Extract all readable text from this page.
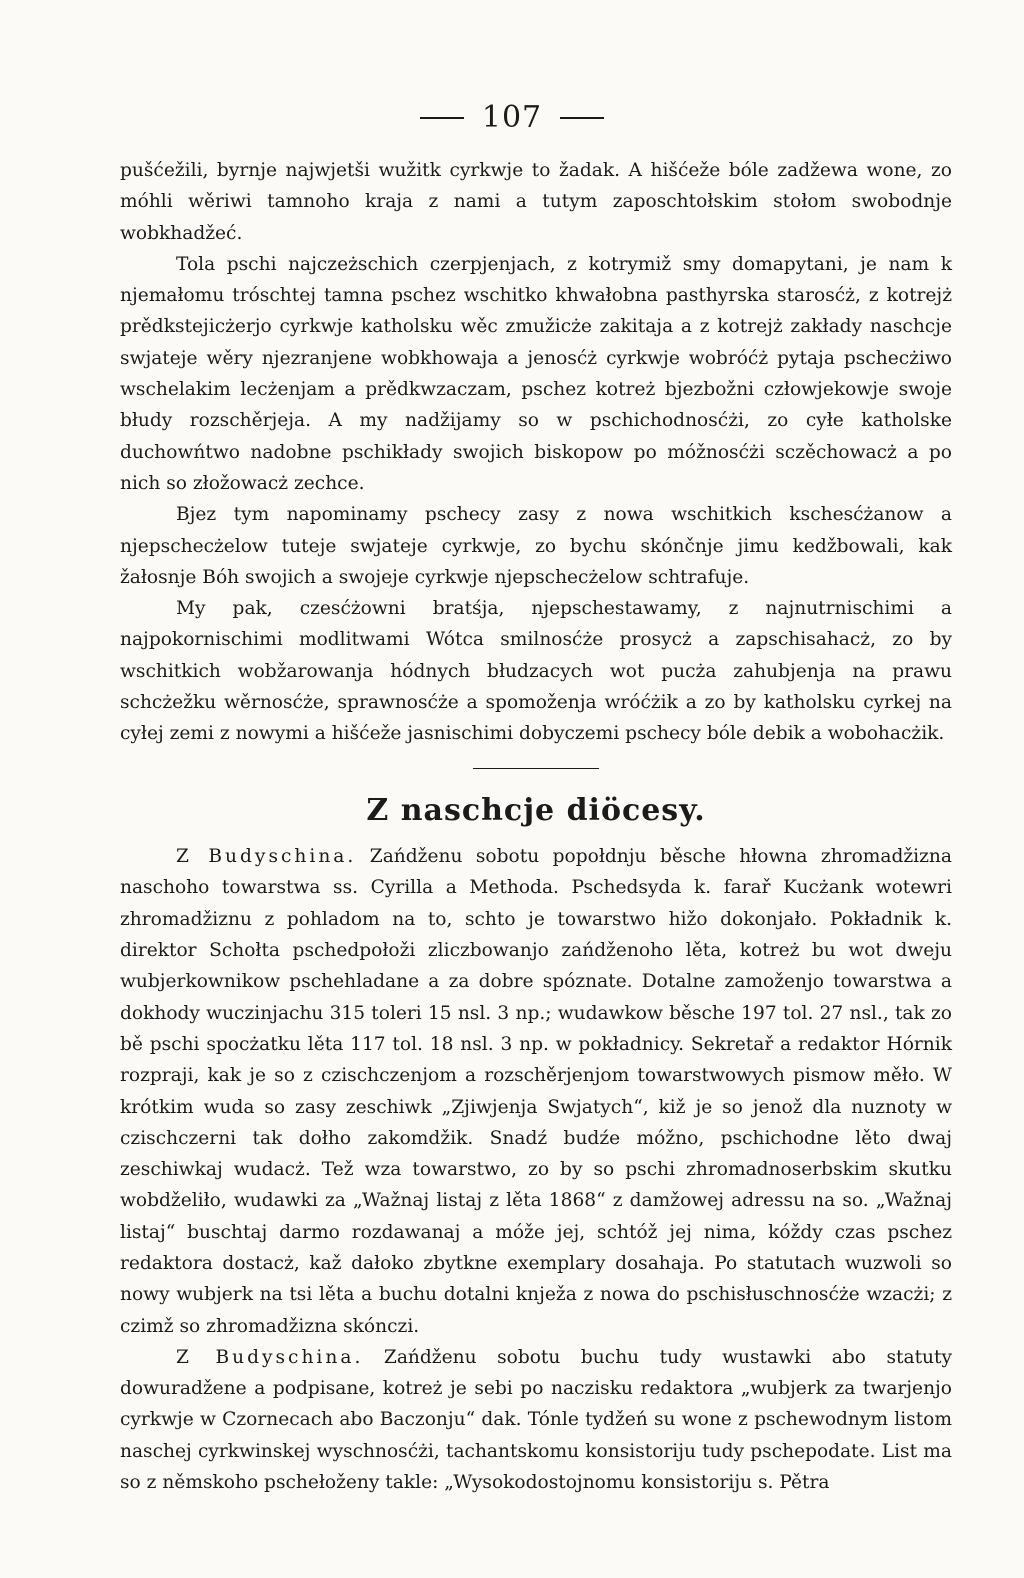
107

pušćežili, byrnje najwjetši wužitk cyrkwje to žadak. A hišćeže bóle zadžewa wone, zo móhli wěriwi tamnoho kraja z nami a tutym zaposchtołskim stołom swobodnje wobkhadžeć.

Tola pschi najczeżschich czerpjenjach, z kotrymiž smy domapytani, je nam k njemałomu tróschtej tamna pschez wschitko khwałobna pasthyrska starosćż, z kotrejż prědkstejicżerjo cyrkwje katholsku wěc zmužicże zakitaja a z kotrejż zakłady naschcje swjateje wěry njezranjene wobkhowaja a jenosćż cyrkwje wobróćż pytaja pschecżiwo wschelakim lecżenjam a prědkwzaczam, pschez kotreż bjezbožni człowjekowje swoje błudy rozschěrjeja. A my nadžijamy so w pschichodnosćżi, zo cyłe katholske duchowńtwo nadobne pschikłady swojich biskopow po móžnosćżi sczěchowacż a po nich so złožowacż zechce.

Bjez tym napominamy pschecy zasy z nowa wschitkich kschesćżanow a njepschecżelow tuteje swjateje cyrkwje, zo bychu skónčnje jimu kedžbowali, kak žałosnje Bóh swojich a swojeje cyrkwje njepschecżelow schtrafuje.

My pak, czesćżowni bratśja, njepschestawamy, z najnutrnischimi a najpokornischimi modlitwami Wótca smilnosćże prosycż a zapschisahacż, zo by wschitkich wobžarowanja hódnych błudzacych wot pucża zahubjenja na prawu schcżežku wěrnosćże, sprawnosćże a spomoženja wróćżik a zo by katholsku cyrkej na cyłej zemi z nowymi a hišćeže jasnischimi dobyczemi pschecy bóle debik a wobohacżik.

Z naschcje diöcesy.

Z Budyschina. Zańdženu sobotu popołdnju běsche hłowna zhromadžizna naschoho towarstwa ss. Cyrilla a Methoda. Pschedsyda k. farař Kucżank wotewri zhromadžiznu z pohladom na to, schto je towarstwo hižo dokonjało. Pokładnik k. direktor Schołta pschedpołoži zliczbowanjo zańdženoho lěta, kotreż bu wot dweju wubjerkownikow pschehladane a za dobre spóznate. Dotalne zamoženjo towarstwa a dokhody wuczinjachu 315 toleri 15 nsl. 3 np.; wudawkow běsche 197 tol. 27 nsl., tak zo bě pschi spocżatku lěta 117 tol. 18 nsl. 3 np. w pokładnicy. Sekretař a redaktor Hórnik rozpraji, kak je so z czischczenjom a rozschěrjenjom towarstwowych pismow měło. W krótkim wuda so zasy zeschiwk „Zjiwjenja Swjatych“, kiž je so jenož dla nuznoty w czischczerni tak dołho zakomdžik. Snadź budźe móžno, pschichodne lěto dwaj zeschiwkaj wudacż. Tež wza towarstwo, zo by so pschi zhromadnoserbskim skutku wobdželiło, wudawki za „Wažnaj listaj z lěta 1868“ z damžowej adressu na so. „Wažnaj listaj“ buschtaj darmo rozdawanaj a móže jej, schtóž jej nima, kóždy czas pschez redaktora dostacż, kaž dałoko zbytkne exemplary dosahaja. Po statutach wuzwoli so nowy wubjerk na tsi lěta a buchu dotalni knježa z nowa do pschisłuschnosćże wzacżi; z czimž so zhromadžizna skónczi.

Z Budyschina. Zańdženu sobotu buchu tudy wustawki abo statuty dowuradžene a podpisane, kotreż je sebi po naczisku redaktora „wubjerk za twarjenjo cyrkwje w Czornecach abo Baczonju“ dak. Tónle tydžeń su wone z pschewodnym listom naschej cyrkwinskej wyschnosćżi, tachantskomu konsistoriju tudy pschepodate. List ma so z němskoho pschełoženy takle: „Wysokodostojnomu konsistoriju s. Pětra
